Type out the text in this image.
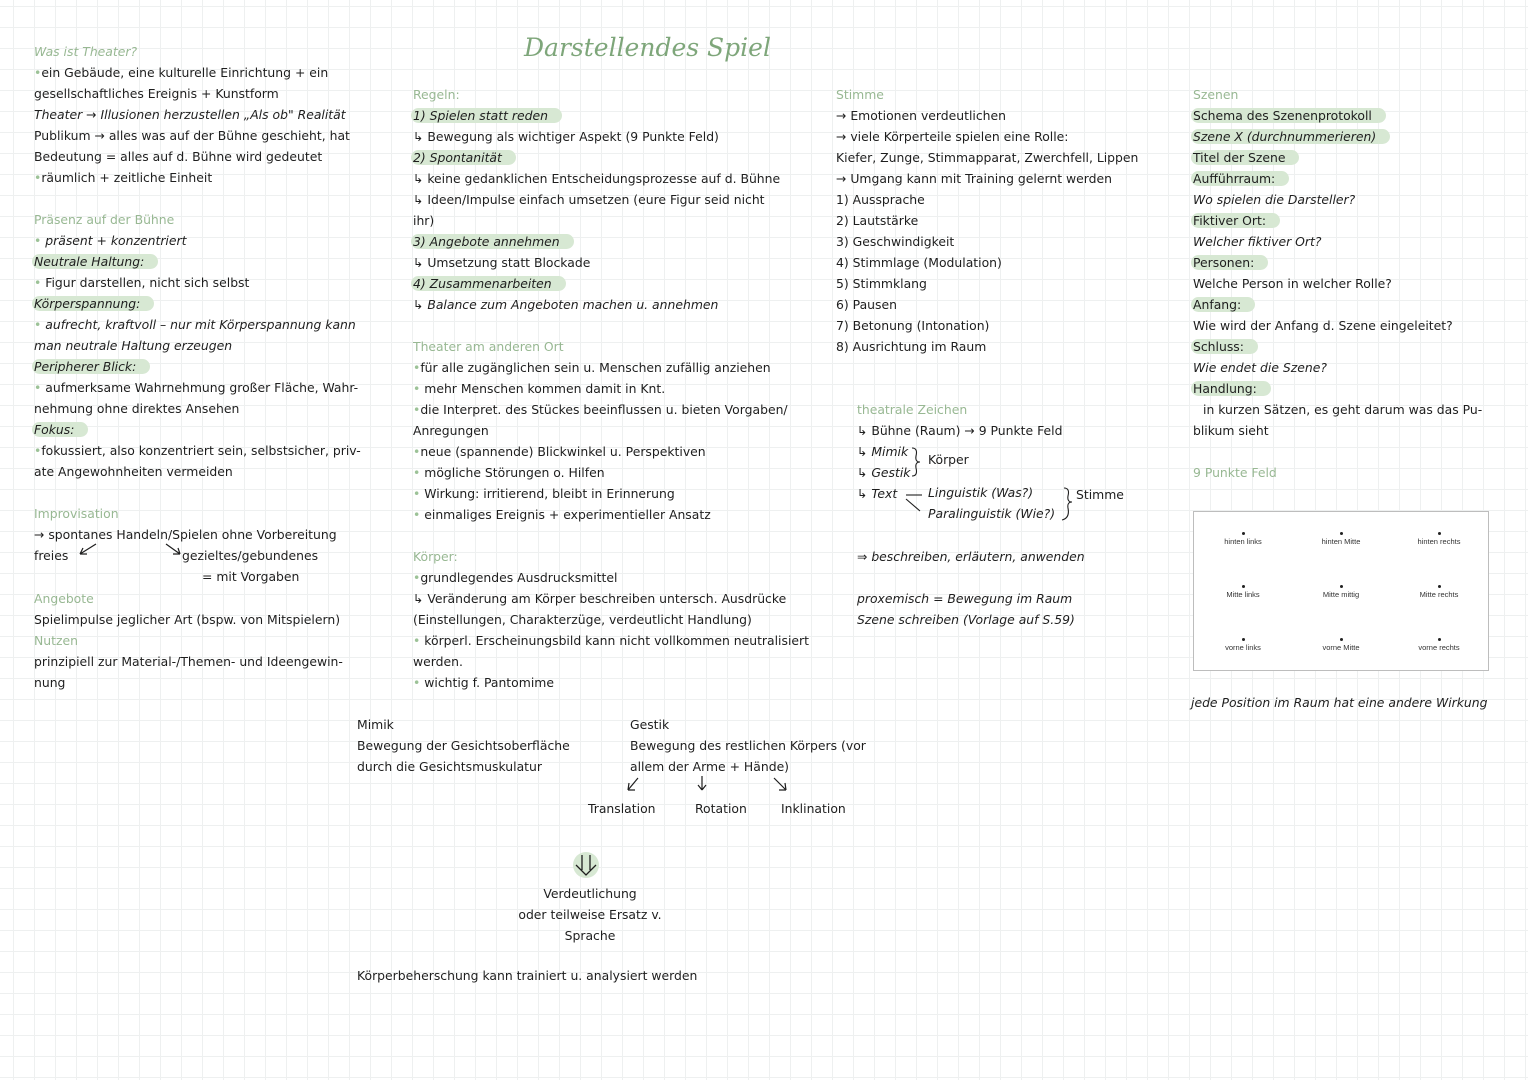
Darstellendes Spiel
Was ist Theater?
•ein Gebäude, eine kulturelle Einrichtung + ein
gesellschaftliches Ereignis + Kunstform
Theater → Illusionen herzustellen „Als ob" Realität
Publikum → alles was auf der Bühne geschieht, hat
Bedeutung = alles auf d. Bühne wird gedeutet
•räumlich + zeitliche Einheit
Präsenz auf der Bühne
• präsent + konzentriert
Neutrale Haltung:
• Figur darstellen, nicht sich selbst
Körperspannung:
• aufrecht, kraftvoll – nur mit Körperspannung kann
man neutrale Haltung erzeugen
Peripherer Blick:
• aufmerksame Wahrnehmung großer Fläche, Wahr-
nehmung ohne direktes Ansehen
Fokus:
•fokussiert, also konzentriert sein, selbstsicher, priv-
ate Angewohnheiten vermeiden
Improvisation
→ spontanes Handeln/Spielen ohne Vorbereitung
freies	gezieltes/gebundenes
= mit Vorgaben
Angebote
Spielimpulse jeglicher Art (bspw. von Mitspielern)
Nutzen
prinzipiell zur Material-/Themen- und Ideengewin-
nung
Regeln:
1) Spielen statt reden
↳ Bewegung als wichtiger Aspekt (9 Punkte Feld)
2) Spontanität
↳ keine gedanklichen Entscheidungsprozesse auf d. Bühne
↳ Ideen/Impulse einfach umsetzen (eure Figur seid nicht
ihr)
3) Angebote annehmen
↳ Umsetzung statt Blockade
4) Zusammenarbeiten
↳ Balance zum Angeboten machen u. annehmen
Theater am anderen Ort
•für alle zugänglichen sein u. Menschen zufällig anziehen
• mehr Menschen kommen damit in Knt.
•die Interpret. des Stückes beeinflussen u. bieten Vorgaben/
Anregungen
•neue (spannende) Blickwinkel u. Perspektiven
• mögliche Störungen o. Hilfen
• Wirkung: irritierend, bleibt in Erinnerung
• einmaliges Ereignis + experimentieller Ansatz
Körper:
•grundlegendes Ausdrucksmittel
↳ Veränderung am Körper beschreiben untersch. Ausdrücke
(Einstellungen, Charakterzüge, verdeutlicht Handlung)
• körperl. Erscheinungsbild kann nicht vollkommen neutralisiert
werden.
• wichtig f. Pantomime
Stimme
→ Emotionen verdeutlichen
→ viele Körperteile spielen eine Rolle:
Kiefer, Zunge, Stimmapparat, Zwerchfell, Lippen
→ Umgang kann mit Training gelernt werden
1) Aussprache
2) Lautstärke
3) Geschwindigkeit
4) Stimmlage (Modulation)
5) Stimmklang
6) Pausen
7) Betonung (Intonation)
8) Ausrichtung im Raum
theatrale Zeichen
↳ Bühne (Raum) → 9 Punkte Feld
↳ Mimik
↳ Gestik
↳ Text
Körper
Linguistik (Was?)
Paralinguistik (Wie?)
Stimme
⇒ beschreiben, erläutern, anwenden
proxemisch = Bewegung im Raum
Szene schreiben (Vorlage auf S.59)
Szenen
Schema des Szenenprotokoll
Szene X (durchnummerieren)
Titel der Szene
Aufführraum:
Wo spielen die Darsteller?
Fiktiver Ort:
Welcher fiktiver Ort?
Personen:
Welche Person in welcher Rolle?
Anfang:
Wie wird der Anfang d. Szene eingeleitet?
Schluss:
Wie endet die Szene?
Handlung:
in kurzen Sätzen, es geht darum was das Pu-
blikum sieht
9 Punkte Feld
hinten links	hinten Mitte	hinten rechts
Mitte links	Mitte mittig	Mitte rechts
vorne links	vorne Mitte	vorne rechts
jede Position im Raum hat eine andere Wirkung
Mimik
Bewegung der Gesichtsoberfläche
durch die Gesichtsmuskulatur
Gestik
Bewegung des restlichen Körpers (vor
allem der Arme + Hände)
Translation	Rotation	Inklination
Verdeutlichung
oder teilweise Ersatz v.
Sprache
Körperbeherschung kann trainiert u. analysiert werden
